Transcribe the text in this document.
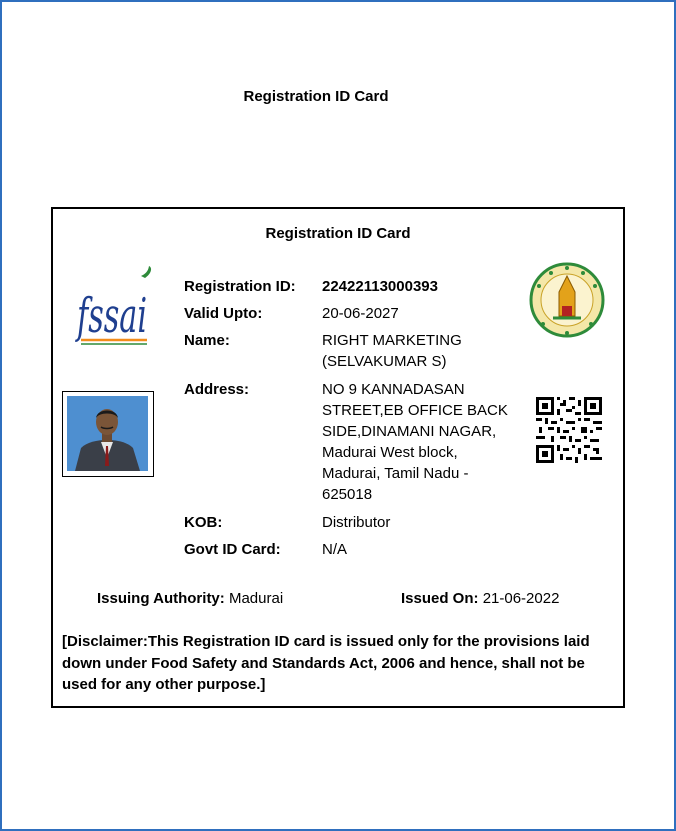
Registration ID Card
Registration ID Card
fssai
Registration ID:	22422113000393
Valid Upto:	20-06-2027
Name:	RIGHT MARKETING (SELVAKUMAR S)
Address:	NO 9 KANNADASAN STREET,EB OFFICE BACK SIDE,DINAMANI NAGAR, Madurai West block, Madurai, Tamil Nadu - 625018
KOB:	Distributor
Govt ID Card:	N/A
Issuing Authority: Madurai	Issued On: 21-06-2022
[Disclaimer:This Registration ID card is issued only for the provisions laid down under Food Safety and Standards Act, 2006 and hence, shall not be used for any other purpose.]
